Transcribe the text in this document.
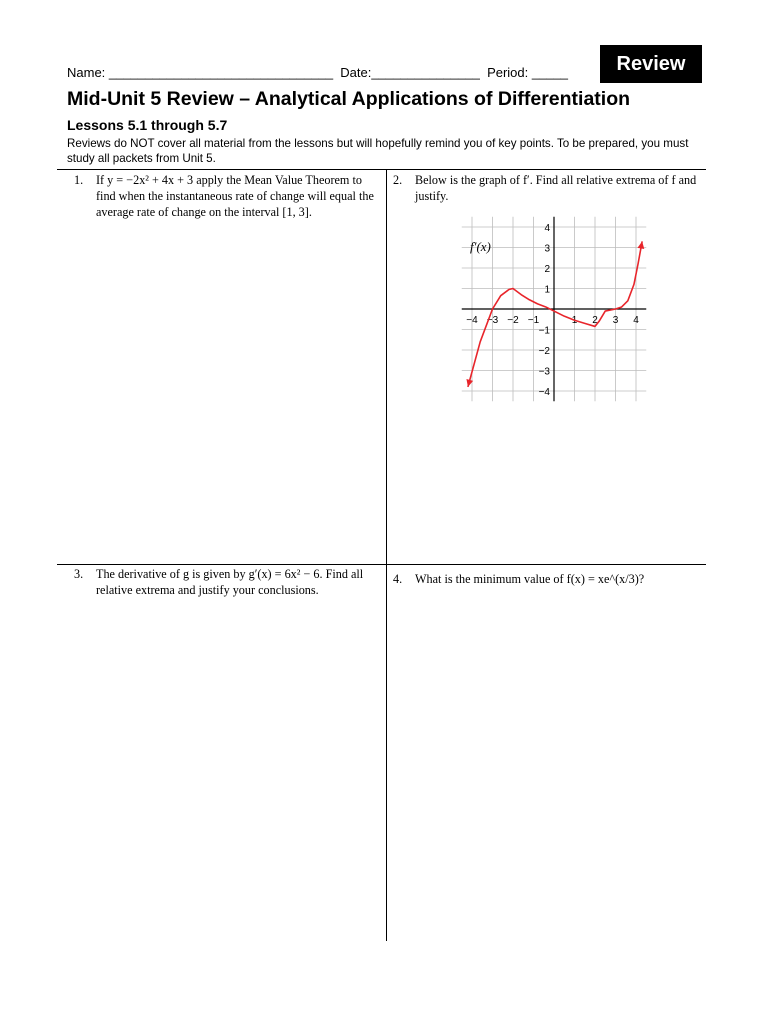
Name: _______________________________ Date:_______________ Period: _____	Review
Mid-Unit 5 Review – Analytical Applications of Differentiation
Lessons 5.1 through 5.7
Reviews do NOT cover all material from the lessons but will hopefully remind you of key points. To be prepared, you must study all packets from Unit 5.
1. If y = −2x² + 4x + 3 apply the Mean Value Theorem to find when the instantaneous rate of change will equal the average rate of change on the interval [1, 3].
2. Below is the graph of f′. Find all relative extrema of f and justify.
−4 −3 −2 −1	1 2 3 4
−4
−3
−2
−1
1
2
3
4
f′(x)
3. The derivative of g is given by g′(x) = 6x² − 6. Find all relative extrema and justify your conclusions.
4. What is the minimum value of f(x) = xe^(x/3)?
